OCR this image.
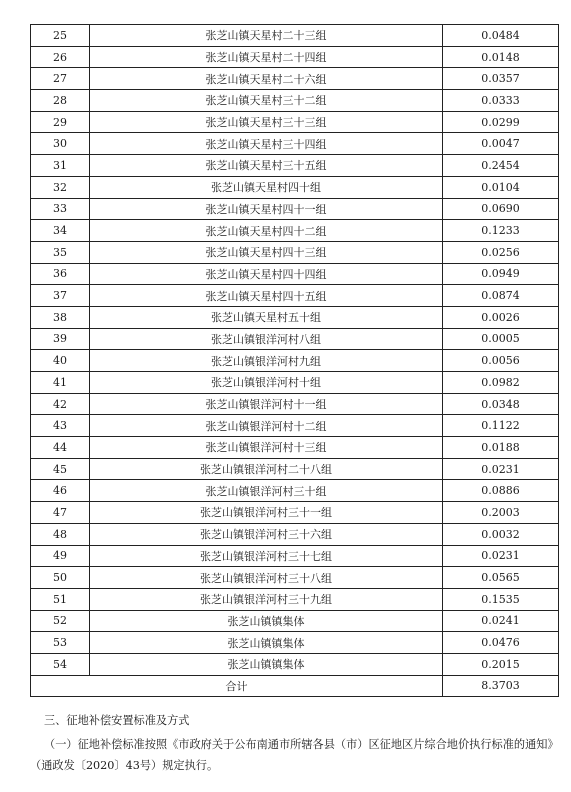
25	张芝山镇天星村二十三组	0.0484
26	张芝山镇天星村二十四组	0.0148
27	张芝山镇天星村二十六组	0.0357
28	张芝山镇天星村三十二组	0.0333
29	张芝山镇天星村三十三组	0.0299
30	张芝山镇天星村三十四组	0.0047
31	张芝山镇天星村三十五组	0.2454
32	张芝山镇天星村四十组	0.0104
33	张芝山镇天星村四十一组	0.0690
34	张芝山镇天星村四十二组	0.1233
35	张芝山镇天星村四十三组	0.0256
36	张芝山镇天星村四十四组	0.0949
37	张芝山镇天星村四十五组	0.0874
38	张芝山镇天星村五十组	0.0026
39	张芝山镇银洋河村八组	0.0005
40	张芝山镇银洋河村九组	0.0056
41	张芝山镇银洋河村十组	0.0982
42	张芝山镇银洋河村十一组	0.0348
43	张芝山镇银洋河村十二组	0.1122
44	张芝山镇银洋河村十三组	0.0188
45	张芝山镇银洋河村二十八组	0.0231
46	张芝山镇银洋河村三十组	0.0886
47	张芝山镇银洋河村三十一组	0.2003
48	张芝山镇银洋河村三十六组	0.0032
49	张芝山镇银洋河村三十七组	0.0231
50	张芝山镇银洋河村三十八组	0.0565
51	张芝山镇银洋河村三十九组	0.1535
52	张芝山镇镇集体	0.0241
53	张芝山镇镇集体	0.0476
54	张芝山镇镇集体	0.2015
合计		8.3703
三、征地补偿安置标准及方式
（一）征地补偿标准按照《市政府关于公布南通市所辖各县（市）区征地区片综合地价执行标准的通知》（通政发〔2020〕43号）规定执行。
